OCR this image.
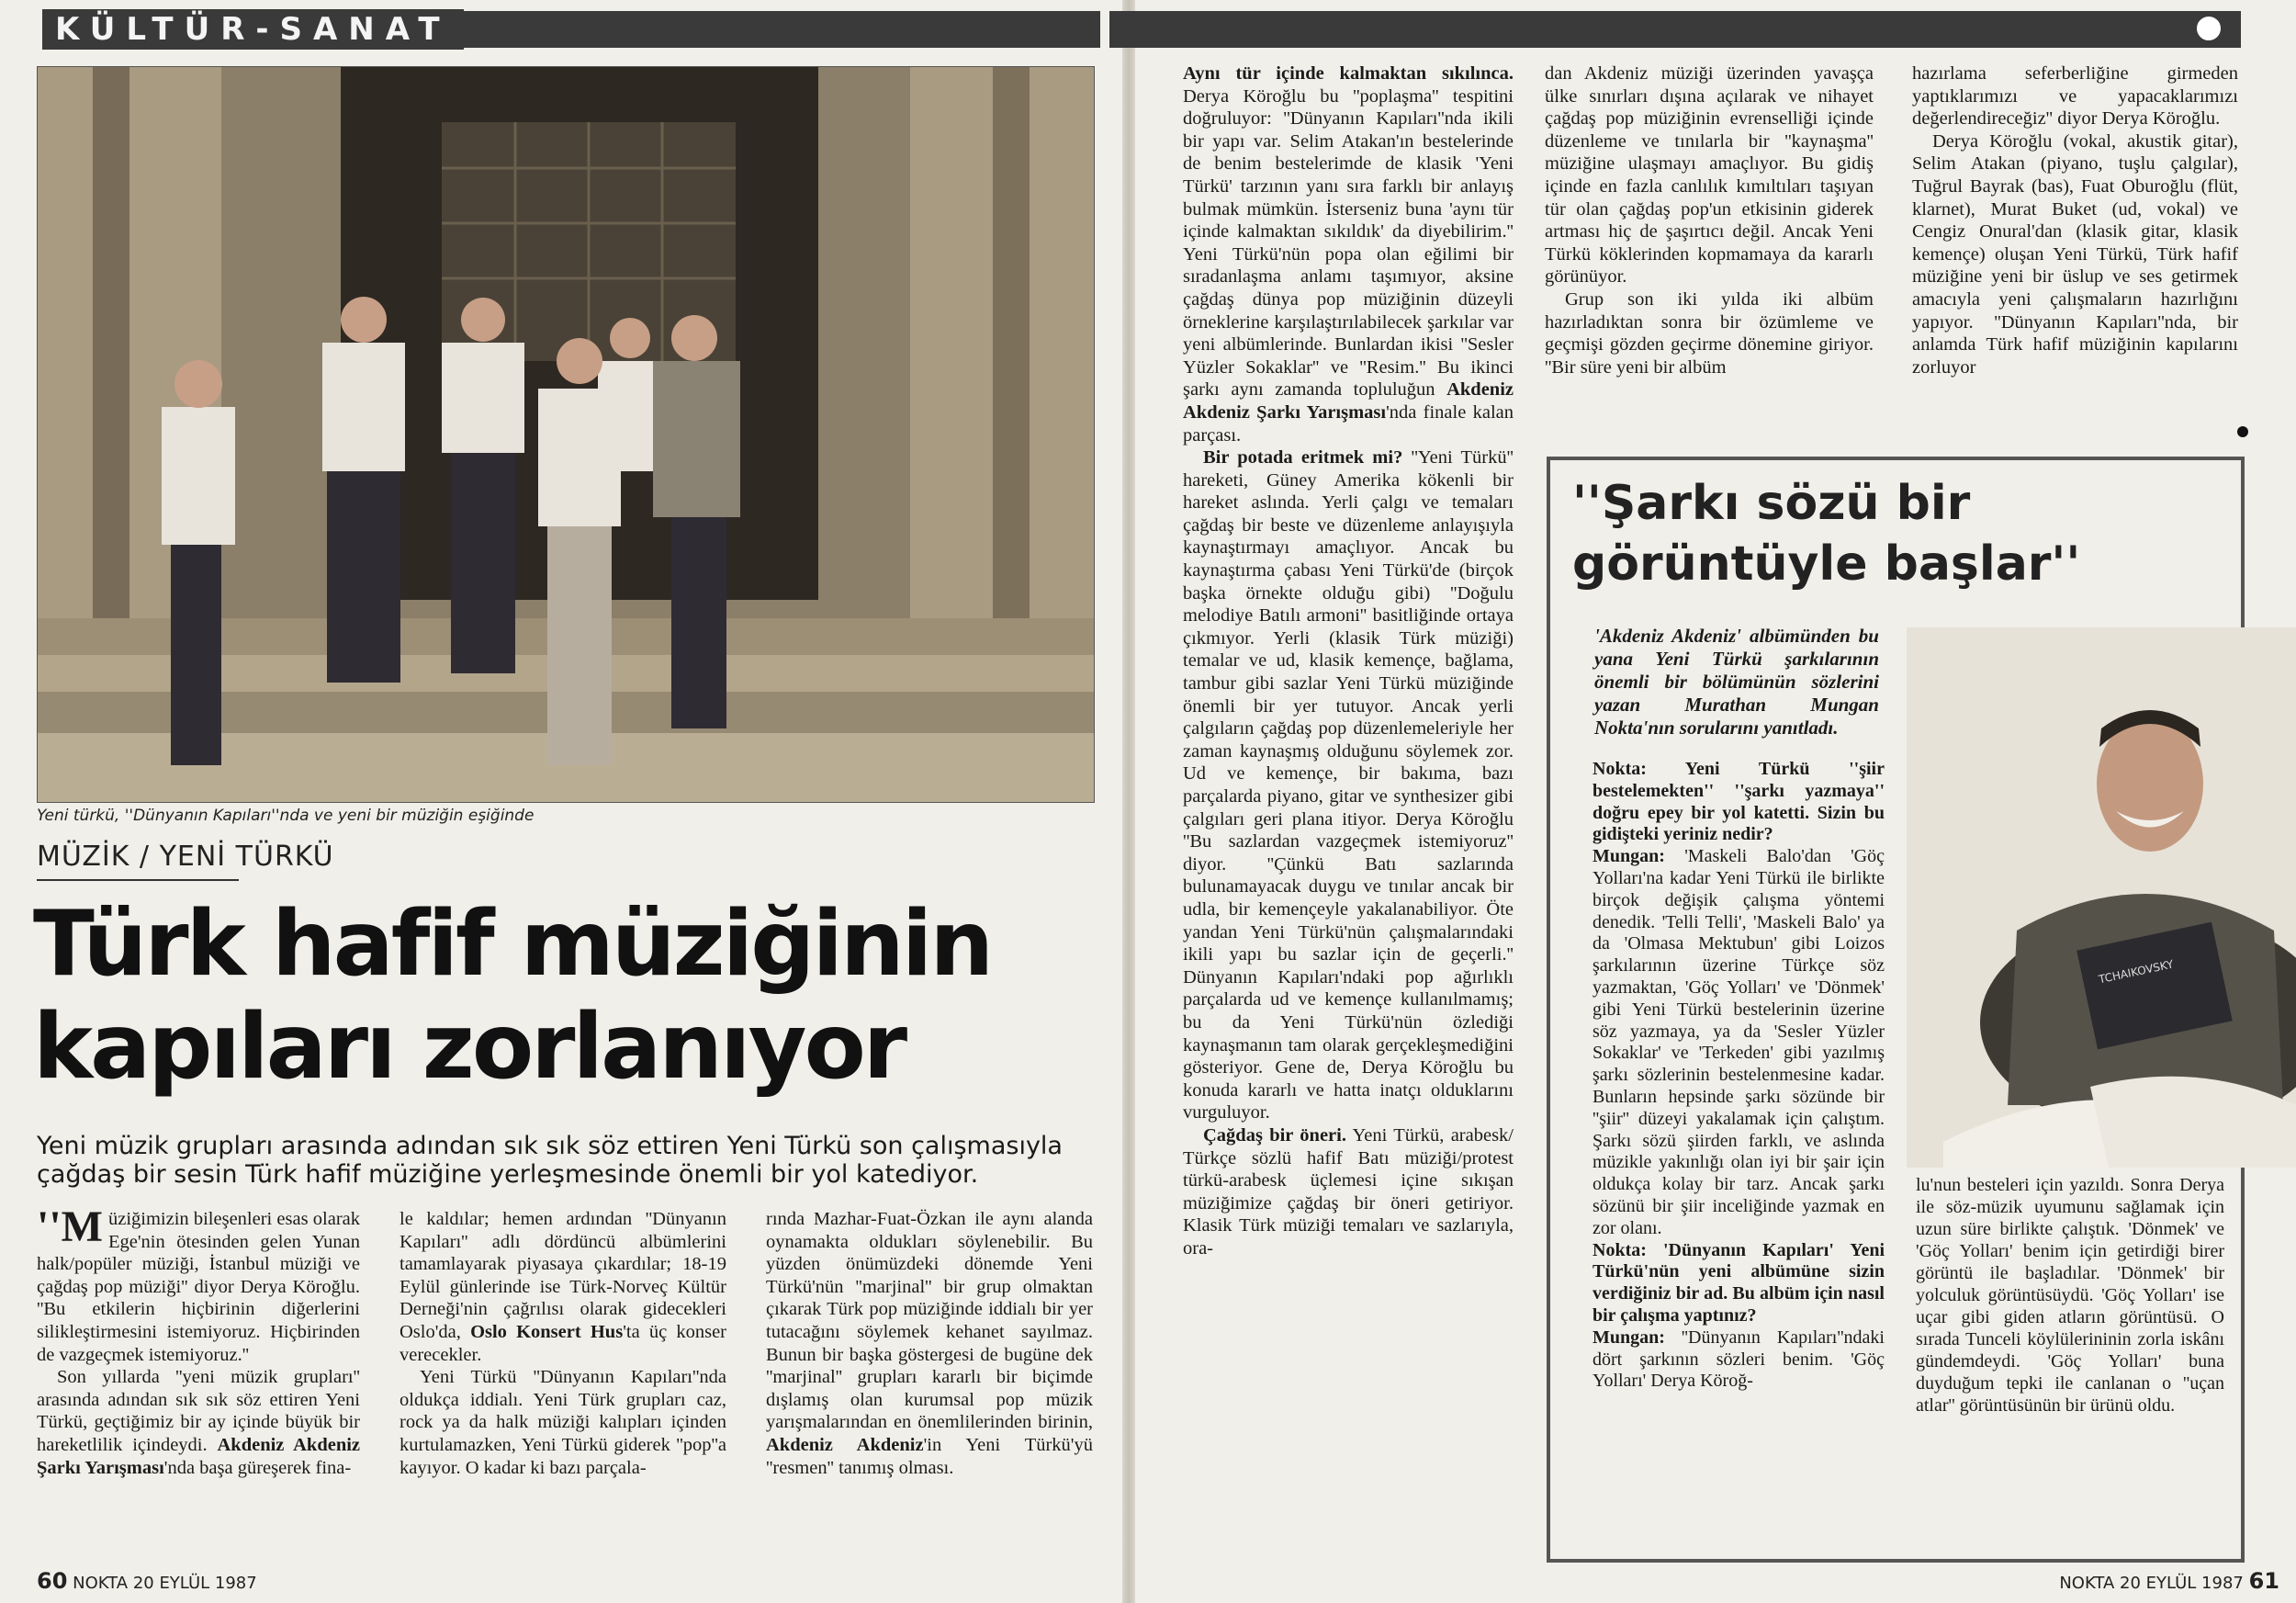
KÜLTÜR-SANAT
Yeni türkü, ''Dünyanın Kapıları''nda ve yeni bir müziğin eşiğinde
MÜZİK / YENİ TÜRKÜ
Türk hafif müziğinin
kapıları zorlanıyor
Yeni müzik grupları arasında adından sık sık söz ettiren Yeni Türkü son çalışmasıyla çağdaş bir sesin Türk hafif müziğine yerleşmesinde önemli bir yol katediyor.

''M üziğimizin bileşenleri esas olarak Ege'nin ötesinden gelen Yunan halk/popüler müziği, İstanbul müziği ve çağdaş pop müziği'' diyor Derya Köroğlu. ''Bu etkilerin hiçbirinin diğerlerini silikleştirmesini istemiyoruz. Hiçbirinden de vazgeçmek istemiyoruz.''

Son yıllarda ''yeni müzik grupları'' arasında adından sık sık söz ettiren Yeni Türkü, geçtiğimiz bir ay içinde büyük bir hareketlilik içindeydi. Akdeniz Akdeniz Şarkı Yarışması'nda başa güreşerek fina-

le kaldılar; hemen ardından ''Dünyanın Kapıları'' adlı dördüncü albümlerini tamamlayarak piyasaya çıkardılar; 18-19 Eylül günlerinde ise Türk-Norveç Kültür Derneği'nin çağrılısı olarak gidecekleri Oslo'da, Oslo Konsert Hus'ta üç konser verecekler.

Yeni Türkü ''Dünyanın Kapıları''nda oldukça iddialı. Yeni Türk grupları caz, rock ya da halk müziği kalıpları içinden kurtulamazken, Yeni Türkü giderek ''pop''a kayıyor. O kadar ki bazı parçala-

rında Mazhar-Fuat-Özkan ile aynı alanda oynamakta oldukları söylenebilir. Bu yüzden önümüzdeki dönemde Yeni Türkü'nün ''marjinal'' bir grup olmaktan çıkarak Türk pop müziğinde iddialı bir yer tutacağını söylemek kehanet sayılmaz. Bunun bir başka göstergesi de bugüne dek ''marjinal'' grupları kararlı bir biçimde dışlamış olan kurumsal pop müzik yarışmalarından en önemlilerinden birinin, Akdeniz Akdeniz'in Yeni Türkü'yü ''resmen'' tanımış olması.

60 NOKTA 20 EYLÜL 1987

Aynı tür içinde kalmaktan sıkılınca. Derya Köroğlu bu ''poplaşma'' tespitini doğruluyor: ''Dünyanın Kapıları''nda ikili bir yapı var. Selim Atakan'ın bestelerinde de benim bestelerimde de klasik 'Yeni Türkü' tarzının yanı sıra farklı bir anlayış bulmak mümkün. İsterseniz buna 'aynı tür içinde kalmaktan sıkıldık' da diyebilirim.'' Yeni Türkü'nün popa olan eğilimi bir sıradanlaşma anlamı taşımıyor, aksine çağdaş dünya pop müziğinin düzeyli örneklerine karşılaştırılabilecek şarkılar var yeni albümlerinde. Bunlardan ikisi ''Sesler Yüzler Sokaklar'' ve ''Resim.'' Bu ikinci şarkı aynı zamanda topluluğun Akdeniz Akdeniz Şarkı Yarışması'nda finale kalan parçası.

Bir potada eritmek mi? ''Yeni Türkü'' hareketi, Güney Amerika kökenli bir hareket aslında. Yerli çalgı ve temaları çağdaş bir beste ve düzenleme anlayışıyla kaynaştırmayı amaçlıyor. Ancak bu kaynaştırma çabası Yeni Türkü'de (birçok başka örnekte olduğu gibi) ''Doğulu melodiye Batılı armoni'' basitliğinde ortaya çıkmıyor. Yerli (klasik Türk müziği) temalar ve ud, klasik kemençe, bağlama, tambur gibi sazlar Yeni Türkü müziğinde önemli bir yer tutuyor. Ancak yerli çalgıların çağdaş pop düzenlemeleriyle her zaman kaynaşmış olduğunu söylemek zor. Ud ve kemençe, bir bakıma, bazı parçalarda piyano, gitar ve synthesizer gibi çalgıları geri plana itiyor. Derya Köroğlu ''Bu sazlardan vazgeçmek istemiyoruz'' diyor. ''Çünkü Batı sazlarında bulunamayacak duygu ve tınılar ancak bir udla, bir kemençeyle yakalanabiliyor. Öte yandan Yeni Türkü'nün çalışmalarındaki ikili yapı bu sazlar için de geçerli.'' Dünyanın Kapıları'ndaki pop ağırlıklı parçalarda ud ve kemençe kullanılmamış; bu da Yeni Türkü'nün özlediği kaynaşmanın tam olarak gerçekleşmediğini gösteriyor. Gene de, Derya Köroğlu bu konuda kararlı ve hatta inatçı olduklarını vurguluyor.

Çağdaş bir öneri. Yeni Türkü, arabesk/ Türkçe sözlü hafif Batı müziği/protest türkü-arabesk üçlemesi içine sıkışan müziğimize çağdaş bir öneri getiriyor. Klasik Türk müziği temaları ve sazlarıyla, ora-

dan Akdeniz müziği üzerinden yavaşça ülke sınırları dışına açılarak ve nihayet çağdaş pop müziğinin evrenselliği içinde düzenleme ve tınılarla bir ''kaynaşma'' müziğine ulaşmayı amaçlıyor. Bu gidiş içinde en fazla canlılık kımıltıları taşıyan tür olan çağdaş pop'un etkisinin giderek artması hiç de şaşırtıcı değil. Ancak Yeni Türkü köklerinden kopmamaya da kararlı görünüyor.

Grup son iki yılda iki albüm hazırladıktan sonra bir özümleme ve geçmişi gözden geçirme dönemine giriyor. ''Bir süre yeni bir albüm

hazırlama seferberliğine girmeden yaptıklarımızı ve yapacaklarımızı değerlendireceğiz'' diyor Derya Köroğlu.

Derya Köroğlu (vokal, akustik gitar), Selim Atakan (piyano, tuşlu çalgılar), Tuğrul Bayrak (bas), Fuat Oburoğlu (flüt, klarnet), Murat Buket (ud, vokal) ve Cengiz Onural'dan (klasik gitar, klasik kemençe) oluşan Yeni Türkü, Türk hafif müziğine yeni bir üslup ve ses getirmek amacıyla yeni çalışmaların hazırlığını yapıyor. ''Dünyanın Kapıları''nda, bir anlamda Türk hafif müziğinin kapılarını zorluyor

''Şarkı sözü bir
görüntüyle başlar''
'Akdeniz Akdeniz' albümünden bu yana Yeni Türkü şarkılarının önemli bir bölümünün sözlerini yazan Murathan Mungan Nokta'nın sorularını yanıtladı.

Nokta: Yeni Türkü ''şiir bestelemekten'' ''şarkı yazmaya'' doğru epey bir yol katetti. Sizin bu gidişteki yeriniz nedir?

Mungan: 'Maskeli Balo'dan 'Göç Yolları'na kadar Yeni Türkü ile birlikte birçok değişik çalışma yöntemi denedik. 'Telli Telli', 'Maskeli Balo' ya da 'Olmasa Mektubun' gibi Loizos şarkılarının üzerine Türkçe söz yazmaktan, 'Göç Yolları' ve 'Dönmek' gibi Yeni Türkü bestelerinin üzerine söz yazmaya, ya da 'Sesler Yüzler Sokaklar' ve 'Terkeden' gibi yazılmış şarkı sözlerinin bestelenmesine kadar. Bunların hepsinde şarkı sözünde bir ''şiir'' düzeyi yakalamak için çalıştım. Şarkı sözü şiirden farklı, ve aslında müzikle yakınlığı olan iyi bir şair için oldukça kolay bir tarz. Ancak şarkı sözünü bir şiir inceliğinde yazmak en zor olanı.

Nokta: 'Dünyanın Kapıları' Yeni Türkü'nün yeni albümüne sizin verdiğiniz bir ad. Bu albüm için nasıl bir çalışma yaptınız?

Mungan: ''Dünyanın Kapıları''ndaki dört şarkının sözleri benim. 'Göç Yolları' Derya Köroğ-

TCHAIKOVSKY

lu'nun besteleri için yazıldı. Sonra Derya ile söz-müzik uyumunu sağlamak için uzun süre birlikte çalıştık. 'Dönmek' ve 'Göç Yolları' benim için getirdiği birer görüntü ile başladılar. 'Dönmek' bir yolculuk görüntüsüydü. 'Göç Yolları' ise uçar gibi giden atların görüntüsü. O sırada Tunceli köylülerininin zorla iskânı gündemdeydi. 'Göç Yolları' buna duyduğum tepki ile canlanan o ''uçan atlar'' görüntüsünün bir ürünü oldu.

NOKTA 20 EYLÜL 1987 61
